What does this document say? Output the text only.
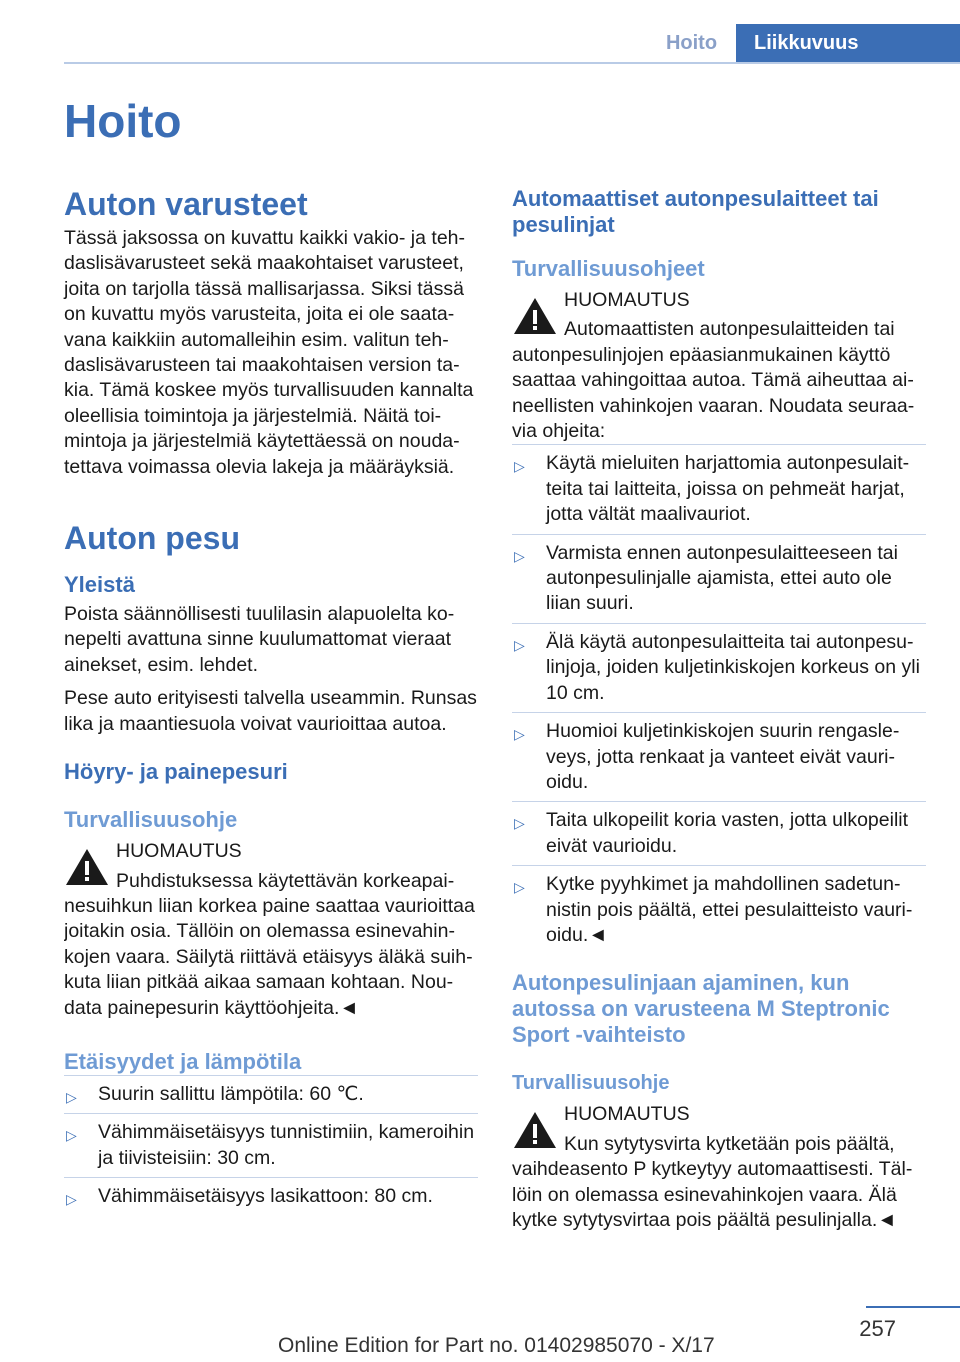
Hoito	Liikkuvuus
Hoito
Auton varusteet

Tässä jaksossa on kuvattu kaikki vakio- ja tehdaslisävarusteet sekä maakohtaiset varusteet, joita on tarjolla tässä mallisarjassa. Siksi tässä on kuvattu myös varusteita, joita ei ole saatavana kaikkiin automalleihin esim. valitun tehdaslisävarusteen tai maakohtaisen version takia. Tämä koskee myös turvallisuuden kannalta oleellisia toimintoja ja järjestelmiä. Näitä toimintoja ja järjestelmiä käytettäessä on noudatettava voimassa olevia lakeja ja määräyksiä.

Auton pesu
Yleistä

Poista säännöllisesti tuulilasin alapuolelta konepelti avattuna sinne kuulumattomat vieraat ainekset, esim. lehdet.

Pese auto erityisesti talvella useammin. Runsas lika ja maantiesuola voivat vaurioittaa autoa.

Höyry- ja painepesuri
Turvallisuusohje

HUOMAUTUS

Puhdistuksessa käytettävän korkeapainesuihkun liian korkea paine saattaa vaurioittaa joitakin osia. Tällöin on olemassa esinevahinkojen vaara. Säilytä riittävä etäisyys äläkä suihkuta liian pitkää aikaa samaan kohtaan. Noudata painepesurin käyttöohjeita.◄

Etäisyydet ja lämpötila
▷ Suurin sallittu lämpötila: 60 ℃.
▷ Vähimmäisetäisyys tunnistimiin, kameroihin ja tiivisteisiin: 30 cm.
▷ Vähimmäisetäisyys lasikattoon: 80 cm.
Automaattiset autonpesulaitteet tai pesulinjat
Turvallisuusohjeet

HUOMAUTUS

Automaattisten autonpesulaitteiden tai autonpesulinjojen epäasianmukainen käyttö saattaa vahingoittaa autoa. Tämä aiheuttaa aineellisten vahinkojen vaaran. Noudata seuraavia ohjeita:

▷ Käytä mieluiten harjattomia autonpesulaitteita tai laitteita, joissa on pehmeät harjat, jotta vältät maalivauriot.
▷ Varmista ennen autonpesulaitteeseen tai autonpesulinjalle ajamista, ettei auto ole liian suuri.
▷ Älä käytä autonpesulaitteita tai autonpesulinjoja, joiden kuljetinkiskojen korkeus on yli 10 cm.
▷ Huomioi kuljetinkiskojen suurin rengasleveys, jotta renkaat ja vanteet eivät vaurioidu.
▷ Taita ulkopeilit koria vasten, jotta ulkopeilit eivät vaurioidu.
▷ Kytke pyyhkimet ja mahdollinen sadetunnistin pois päältä, ettei pesulaitteisto vaurioidu.◄
Autonpesulinjaan ajaminen, kun autossa on varusteena M Steptronic Sport -vaihteisto
Turvallisuusohje

HUOMAUTUS

Kun sytytysvirta kytketään pois päältä, vaihdeasento P kytkeytyy automaattisesti. Tällöin on olemassa esinevahinkojen vaara. Älä kytke sytytysvirtaa pois päältä pesulinjalla.◄

257
Online Edition for Part no. 01402985070 - X/17
